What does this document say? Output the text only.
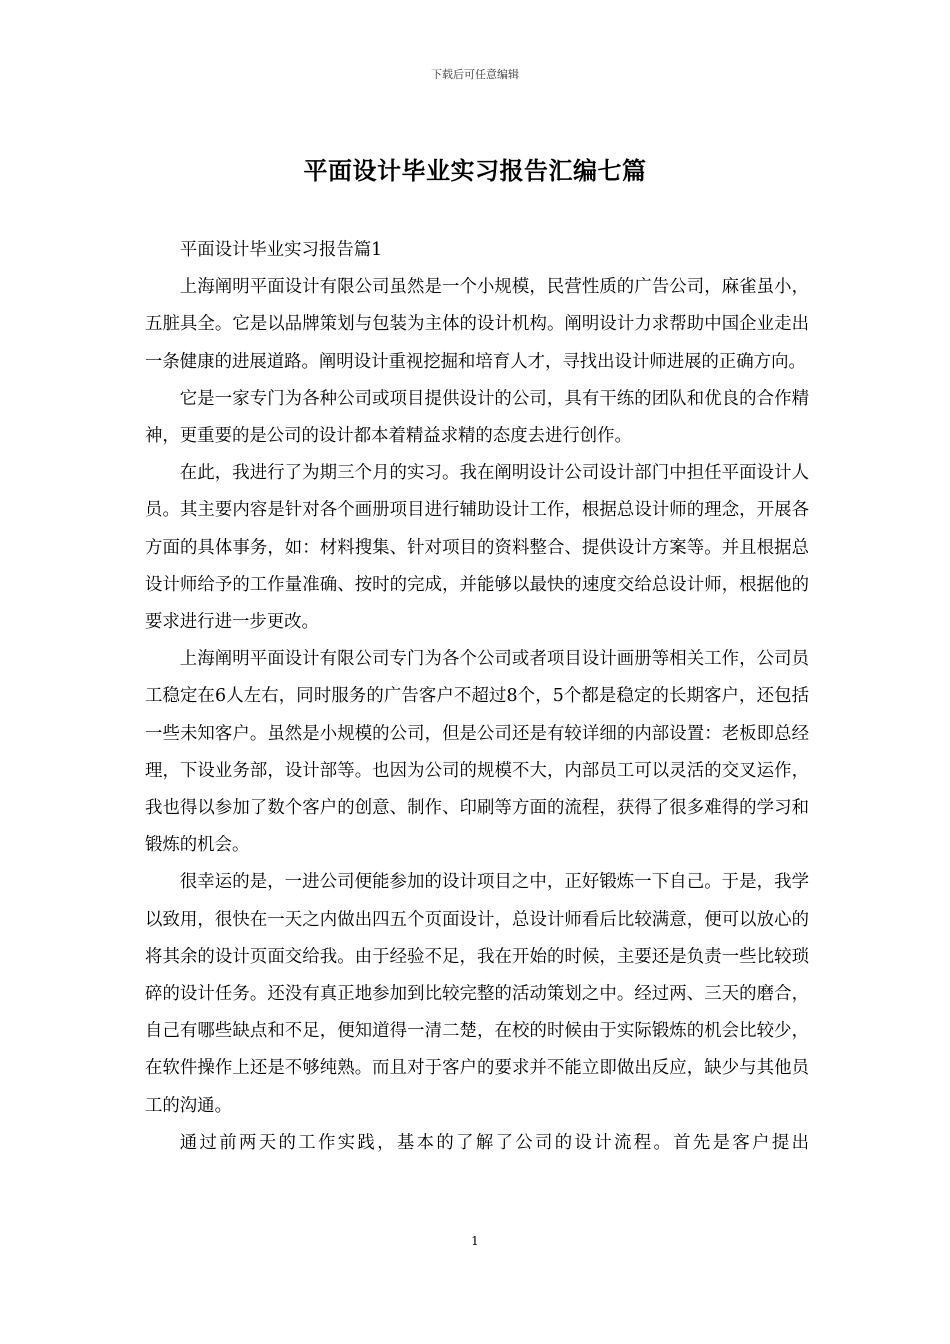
下载后可任意编辑
平面设计毕业实习报告汇编七篇

平面设计毕业实习报告篇1

上海阐明平面设计有限公司虽然是一个小规模，民营性质的广告公司，麻雀虽小，五脏具全。它是以品牌策划与包装为主体的设计机构。阐明设计力求帮助中国企业走出一条健康的进展道路。阐明设计重视挖掘和培育人才，寻找出设计师进展的正确方向。

它是一家专门为各种公司或项目提供设计的公司，具有干练的团队和优良的合作精神，更重要的是公司的设计都本着精益求精的态度去进行创作。

在此，我进行了为期三个月的实习。我在阐明设计公司设计部门中担任平面设计人员。其主要内容是针对各个画册项目进行辅助设计工作，根据总设计师的理念，开展各方面的具体事务，如：材料搜集、针对项目的资料整合、提供设计方案等。并且根据总设计师给予的工作量准确、按时的完成，并能够以最快的速度交给总设计师，根据他的要求进行进一步更改。

上海阐明平面设计有限公司专门为各个公司或者项目设计画册等相关工作，公司员工稳定在6人左右，同时服务的广告客户不超过8个，5个都是稳定的长期客户，还包括一些未知客户。虽然是小规模的公司，但是公司还是有较详细的内部设置：老板即总经理，下设业务部，设计部等。也因为公司的规模不大，内部员工可以灵活的交叉运作，我也得以参加了数个客户的创意、制作、印刷等方面的流程，获得了很多难得的学习和锻炼的机会。

很幸运的是，一进公司便能参加的设计项目之中，正好锻炼一下自己。于是，我学以致用，很快在一天之内做出四五个页面设计，总设计师看后比较满意，便可以放心的将其余的设计页面交给我。由于经验不足，我在开始的时候，主要还是负责一些比较琐碎的设计任务。还没有真正地参加到比较完整的活动策划之中。经过两、三天的磨合，自己有哪些缺点和不足，便知道得一清二楚，在校的时候由于实际锻炼的机会比较少，在软件操作上还是不够纯熟。而且对于客户的要求并不能立即做出反应，缺少与其他员工的沟通。

通过前两天的工作实践，基本的了解了公司的设计流程。首先是客户提出

1
